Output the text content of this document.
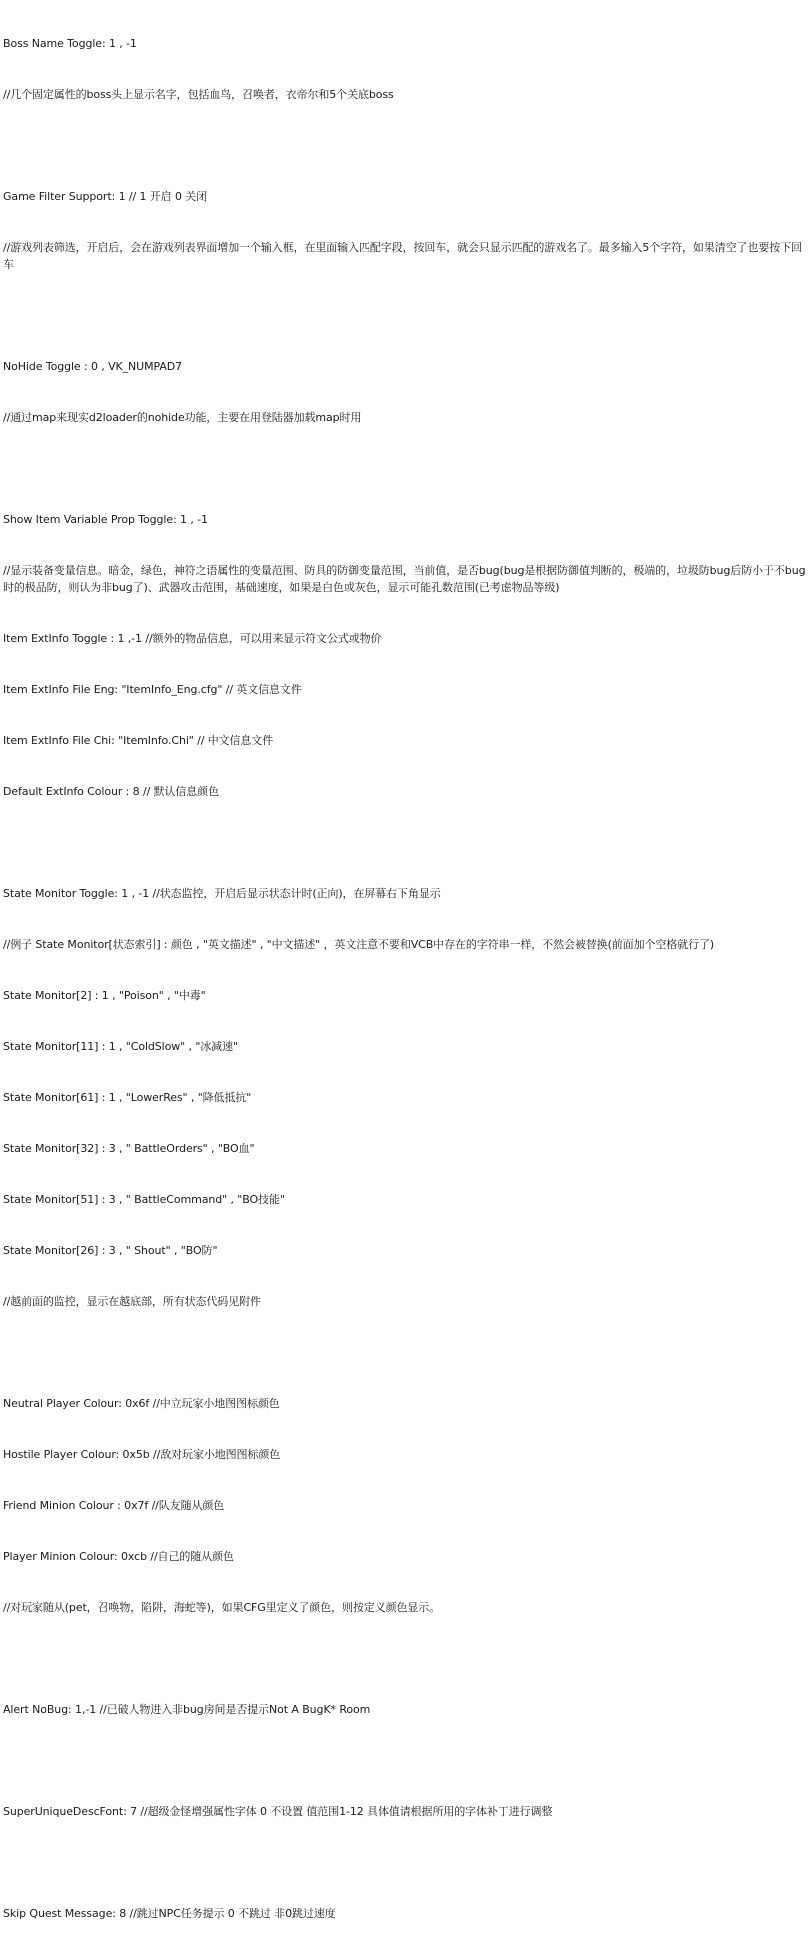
Boss Name Toggle: 1 , -1

//几个固定属性的boss头上显示名字，包括血鸟，召唤者，衣帝尔和5个关底boss

Game Filter Support: 1 // 1 开启 0 关闭

//游戏列表筛选，开启后，会在游戏列表界面增加一个输入框，在里面输入匹配字段，按回车，就会只显示匹配的游戏名了。最多输入5个字符，如果清空了也要按下回车

NoHide Toggle : 0 , VK_NUMPAD7

//通过map来现实d2loader的nohide功能，主要在用登陆器加载map时用

Show Item Variable Prop Toggle: 1 , -1

//显示装备变量信息。暗金，绿色，神符之语属性的变量范围、防具的防御变量范围，当前值，是否bug(bug是根据防御值判断的，极端的，垃圾防bug后防小于不bug时的极品防，则认为非bug了)、武器攻击范围，基础速度，如果是白色或灰色，显示可能孔数范围(已考虑物品等级)

Item ExtInfo Toggle : 1 ,-1 //额外的物品信息，可以用来显示符文公式或物价

Item ExtInfo File Eng: "ItemInfo_Eng.cfg" // 英文信息文件

Item ExtInfo File Chi: "ItemInfo.Chi" // 中文信息文件

Default ExtInfo Colour : 8 // 默认信息颜色

State Monitor Toggle: 1 , -1 //状态监控，开启后显示状态计时(正向)，在屏幕右下角显示

//例子 State Monitor[状态索引] : 颜色 , "英文描述" , "中文描述" ，英文注意不要和VCB中存在的字符串一样，不然会被替换(前面加个空格就行了)

State Monitor[2] : 1 , "Poison" , "中毒"

State Monitor[11] : 1 , "ColdSlow" , "冰减速"

State Monitor[61] : 1 , "LowerRes" , "降低抵抗"

State Monitor[32] : 3 , " BattleOrders" , "BO血"

State Monitor[51] : 3 , " BattleCommand" , "BO技能"

State Monitor[26] : 3 , " Shout" , "BO防"

//越前面的监控，显示在越底部，所有状态代码见附件

Neutral Player Colour: 0x6f //中立玩家小地图图标颜色

Hostile Player Colour: 0x5b //敌对玩家小地图图标颜色

Friend Minion Colour : 0x7f //队友随从颜色

Player Minion Colour: 0xcb //自己的随从颜色

//对玩家随从(pet，召唤物，陷阱，海蛇等)，如果CFG里定义了颜色，则按定义颜色显示。

Alert NoBug: 1,-1 //已破人物进入非bug房间是否提示Not A BugK* Room

SuperUniqueDescFont: 7 //超级金怪增强属性字体 0 不设置 值范围1-12 具体值请根据所用的字体补丁进行调整

Skip Quest Message: 8 //跳过NPC任务提示 0 不跳过 非0跳过速度
